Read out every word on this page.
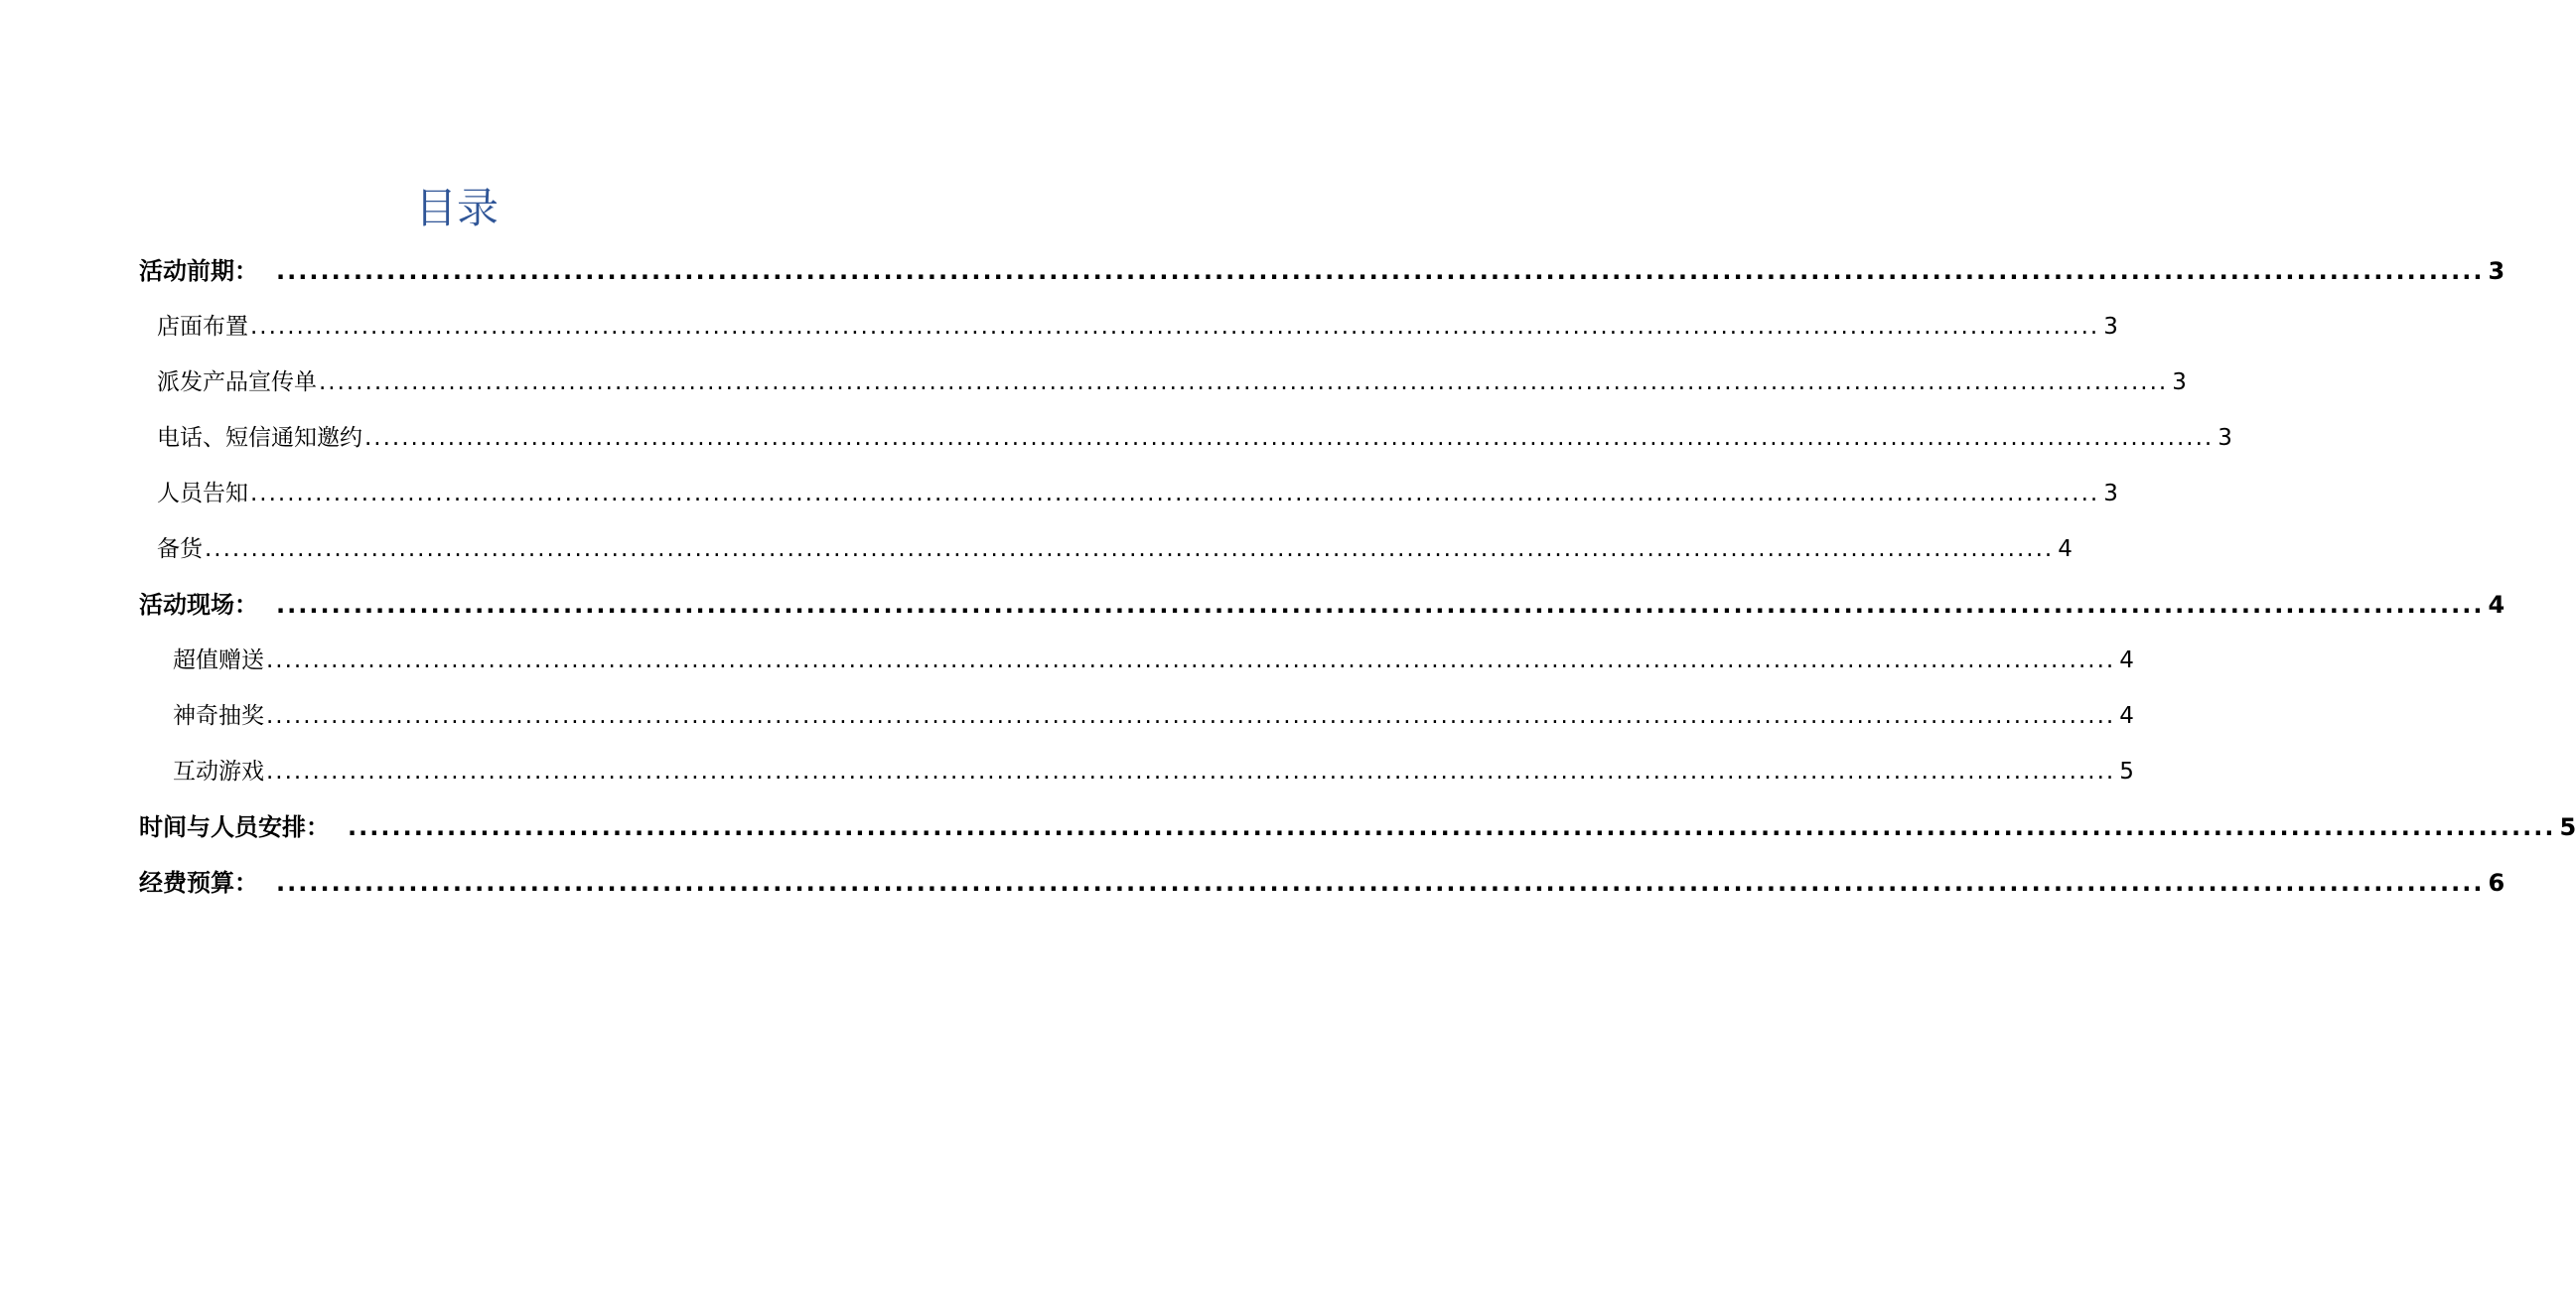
目录
活动前期： ........................................................................................................................................................................................................ 3
店面布置 ........................................................................................................................................................................................................ 3
派发产品宣传单 ........................................................................................................................................................................................................ 3
电话、短信通知邀约 ........................................................................................................................................................................................................ 3
人员告知 ........................................................................................................................................................................................................ 3
备货 ........................................................................................................................................................................................................ 4
活动现场： ........................................................................................................................................................................................................ 4
超值赠送 ........................................................................................................................................................................................................ 4
神奇抽奖 ........................................................................................................................................................................................................ 4
互动游戏 ........................................................................................................................................................................................................ 5
时间与人员安排： ........................................................................................................................................................................................................ 5
经费预算： ........................................................................................................................................................................................................ 6
